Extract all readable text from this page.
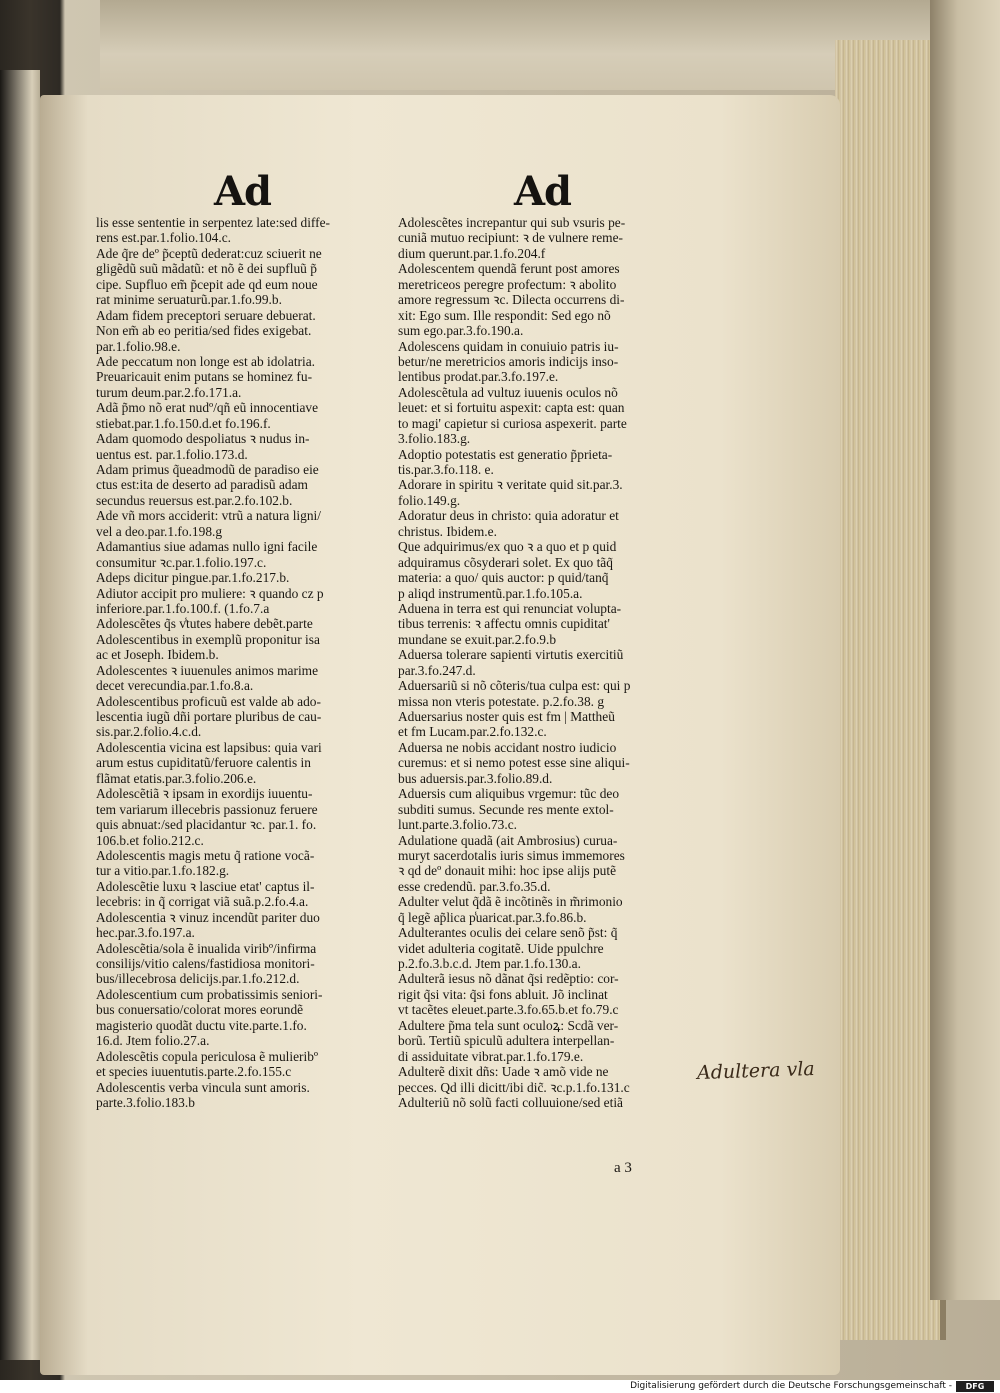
Ad	Ad
lis esse sententie in serpentez late:sed diffe-
rens est.par.1.folio.104.c.
Ade q̃re deº p̃ceptũ dederat:cuz sciuerit ne
gligẽdũ suũ mãdatũ: et nõ ẽ dei supfluũ p̃
cipe. Supfluo em̃ p̃cepit ade qd eum noue
rat minime seruaturũ.par.1.fo.99.b.
Adam fidem preceptori seruare debuerat.
Non em̃ ab eo peritia/sed fides exigebat.
par.1.folio.98.e.
Ade peccatum non longe est ab idolatria.
Preuaricauit enim putans se hominez fu-
turum deum.par.2.fo.171.a.
Adã p̃mo nõ erat nudº/qñ eũ innocentiave
stiebat.par.1.fo.150.d.et fo.196.f.
Adam quomodo despoliatus ꝛ nudus in-
uentus est. par.1.folio.173.d.
Adam primus q̃ueadmodũ de paradiso eie
ctus est:ita de deserto ad paradisũ adam
secundus reuersus est.par.2.fo.102.b.
Ade vñ mors acciderit: vtrũ a natura ligni/
vel a deo.par.1.fo.198.g
Adamantius siue adamas nullo igni facile
consumitur ꝛc.par.1.folio.197.c.
Adeps dicitur pingue.par.1.fo.217.b.
Adiutor accipit pro muliere: ꝛ quando cz p
inferiore.par.1.fo.100.f. (1.fo.7.a
Adolescẽtes q̃s v̾tutes habere debẽt.parte
Adolescentibus in exemplũ proponitur isa
ac et Joseph. Ibidem.b.
Adolescentes ꝛ iuuenules animos marime
decet verecundia.par.1.fo.8.a.
Adolescentibus proficuũ est valde ab ado-
lescentia iugũ dñi portare pluribus de cau-
sis.par.2.folio.4.c.d.
Adolescentia vicina est lapsibus: quia vari
arum estus cupiditatũ/feruore calentis in
flãmat etatis.par.3.folio.206.e.
Adolescẽtiã ꝛ ipsam in exordijs iuuentu-
tem variarum illecebris passionuz feruere
quis abnuat:/sed placidantur ꝛc. par.1. fo.
106.b.et folio.212.c.
Adolescentis magis metu q̃ ratione vocã-
tur a vitio.par.1.fo.182.g.
Adolescẽtie luxu ꝛ lasciue etat' captus il-
lecebris: in q̃ corrigat viã suã.p.2.fo.4.a.
Adolescentia ꝛ vinuz incendũt pariter duo
hec.par.3.fo.197.a.
Adolescẽtia/sola ẽ inualida viribº/infirma
consilijs/vitio calens/fastidiosa monitori-
bus/illecebrosa delicijs.par.1.fo.212.d.
Adolescentium cum probatissimis seniori-
bus conuersatio/colorat mores eorundẽ
magisterio quodãt ductu vite.parte.1.fo.
16.d. Jtem folio.27.a.
Adolescẽtis copula periculosa ẽ mulieribº
et species iuuentutis.parte.2.fo.155.c
Adolescentis verba vincula sunt amoris.
parte.3.folio.183.b
Adolescẽtes increpantur qui sub vsuris pe-
cuniã mutuo recipiunt: ꝛ de vulnere reme-
dium querunt.par.1.fo.204.f
Adolescentem quendã ferunt post amores
meretriceos peregre profectum: ꝛ abolito
amore regressum ꝛc. Dilecta occurrens di-
xit: Ego sum. Ille respondit: Sed ego nõ
sum ego.par.3.fo.190.a.
Adolescens quidam in conuiuio patris iu-
betur/ne meretricios amoris indicijs inso-
lentibus prodat.par.3.fo.197.e.
Adolescẽtula ad vultuz iuuenis oculos nõ
leuet: et si fortuitu aspexit: capta est: quan
to magi' capietur si curiosa aspexerit. parte
3.folio.183.g.
Adoptio potestatis est generatio p̃prieta-
tis.par.3.fo.118. e.
Adorare in spiritu ꝛ veritate quid sit.par.3.
folio.149.g.
Adoratur deus in christo: quia adoratur et
christus. Ibidem.e.
Que adquirimus/ex quo ꝛ a quo et p quid
adquiramus cõsyderari solet. Ex quo tãq̃
materia: a quo/ quis auctor: p quid/tanq̃
p aliqd instrumentũ.par.1.fo.105.a.
Aduena in terra est qui renunciat volupta-
tibus terrenis: ꝛ affectu omnis cupiditat'
mundane se exuit.par.2.fo.9.b
Aduersa tolerare sapienti virtutis exercitiũ
par.3.fo.247.d.
Aduersariũ si nõ cõteris/tua culpa est: qui p
missa non vteris potestate. p.2.fo.38. g
Aduersarius noster quis est fm | Mattheũ
et fm Lucam.par.2.fo.132.c.
Aduersa ne nobis accidant nostro iudicio
curemus: et si nemo potest esse sine aliqui-
bus aduersis.par.3.folio.89.d.
Aduersis cum aliquibus vrgemur: tũc deo
subditi sumus. Secunde res mente extol-
lunt.parte.3.folio.73.c.
Adulatione quadã (ait Ambrosius) curua-
muryt sacerdotalis iuris simus immemores
ꝛ qd deº donauit mihi: hoc ipse alijs putẽ
esse credendũ. par.3.fo.35.d.
Adulter velut q̃dã ẽ incõtinẽs in m̃rimonio
q̃ legẽ ap̃lica p̾uaricat.par.3.fo.86.b.
Adulterantes oculis dei celare senõ p̃st: q̃
videt adulteria cogitatẽ. Uide ppulchre
p.2.fo.3.b.c.d. Jtem par.1.fo.130.a.
Adulterã iesus nõ dãnat q̃si redẽptio: cor-
rigit q̃si vita: q̃si fons abluit. Jõ inclinat
vt tacẽtes eleuet.parte.3.fo.65.b.et fo.79.c
Adultere p̃ma tela sunt oculoꝝ: Scdã ver-
borũ. Tertiũ spiculũ adultera interpellan-
di assiduitate vibrat.par.1.fo.179.e.
Adulterẽ dixit dñs: Uade ꝛ amõ vide ne
pecces. Qd illi dicitt/ibi dic̃. ꝛc.p.1.fo.131.c
Adulteriũ nõ solũ facti colluuione/sed etiã
a 3
Adultera vla
Digitalisierung gefördert durch die Deutsche Forschungsgemeinschaft -	DFG
